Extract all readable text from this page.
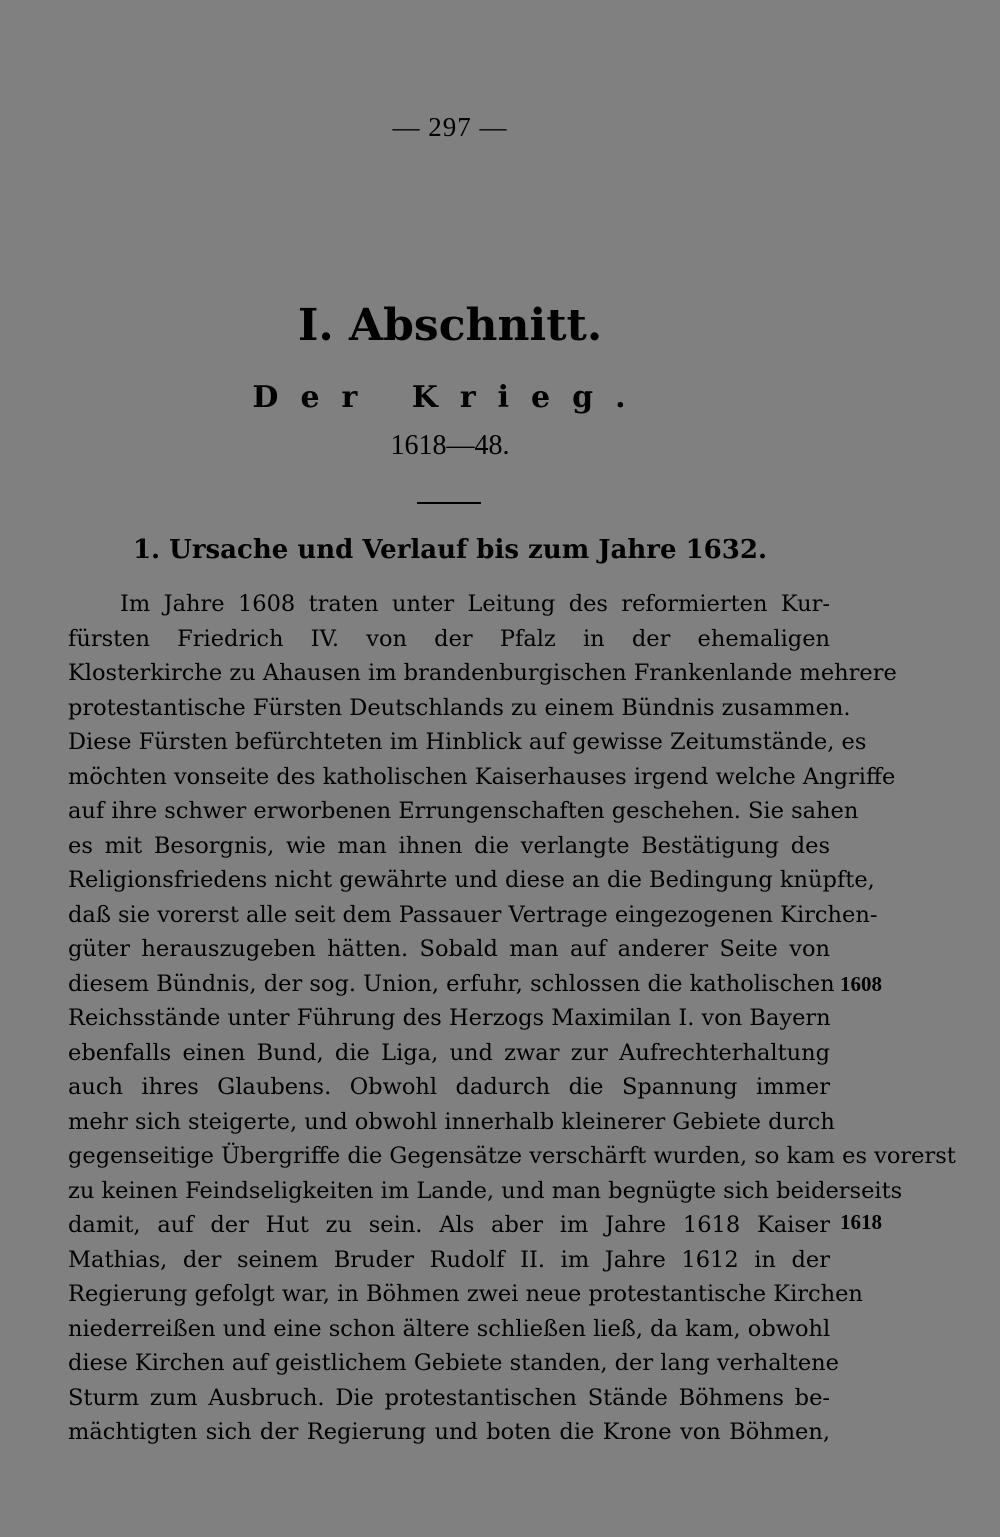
— 297 —
I. Abschnitt.
Der Krieg.
1618—48.
1. Ursache und Verlauf bis zum Jahre 1632.
Im Jahre 1608 traten unter Leitung des reformierten Kur-
fürsten Friedrich IV. von der Pfalz in der ehemaligen
Klosterkirche zu Ahausen im brandenburgischen Frankenlande mehrere
protestantische Fürsten Deutschlands zu einem Bündnis zusammen.
Diese Fürsten befürchteten im Hinblick auf gewisse Zeitumstände, es
möchten vonseite des katholischen Kaiserhauses irgend welche Angriffe
auf ihre schwer erworbenen Errungenschaften geschehen. Sie sahen
es mit Besorgnis, wie man ihnen die verlangte Bestätigung des
Religionsfriedens nicht gewährte und diese an die Bedingung knüpfte,
daß sie vorerst alle seit dem Passauer Vertrage eingezogenen Kirchen-
güter herauszugeben hätten. Sobald man auf anderer Seite von
diesem Bündnis, der sog. Union, erfuhr, schlossen die katholischen
Reichsstände unter Führung des Herzogs Maximilan I. von Bayern
ebenfalls einen Bund, die Liga, und zwar zur Aufrechterhaltung
auch ihres Glaubens. Obwohl dadurch die Spannung immer
mehr sich steigerte, und obwohl innerhalb kleinerer Gebiete durch
gegenseitige Übergriffe die Gegensätze verschärft wurden, so kam es vorerst
zu keinen Feindseligkeiten im Lande, und man begnügte sich beiderseits
damit, auf der Hut zu sein. Als aber im Jahre 1618 Kaiser
Mathias, der seinem Bruder Rudolf II. im Jahre 1612 in der
Regierung gefolgt war, in Böhmen zwei neue protestantische Kirchen
niederreißen und eine schon ältere schließen ließ, da kam, obwohl
diese Kirchen auf geistlichem Gebiete standen, der lang verhaltene
Sturm zum Ausbruch. Die protestantischen Stände Böhmens be-
mächtigten sich der Regierung und boten die Krone von Böhmen,
1608
1618
